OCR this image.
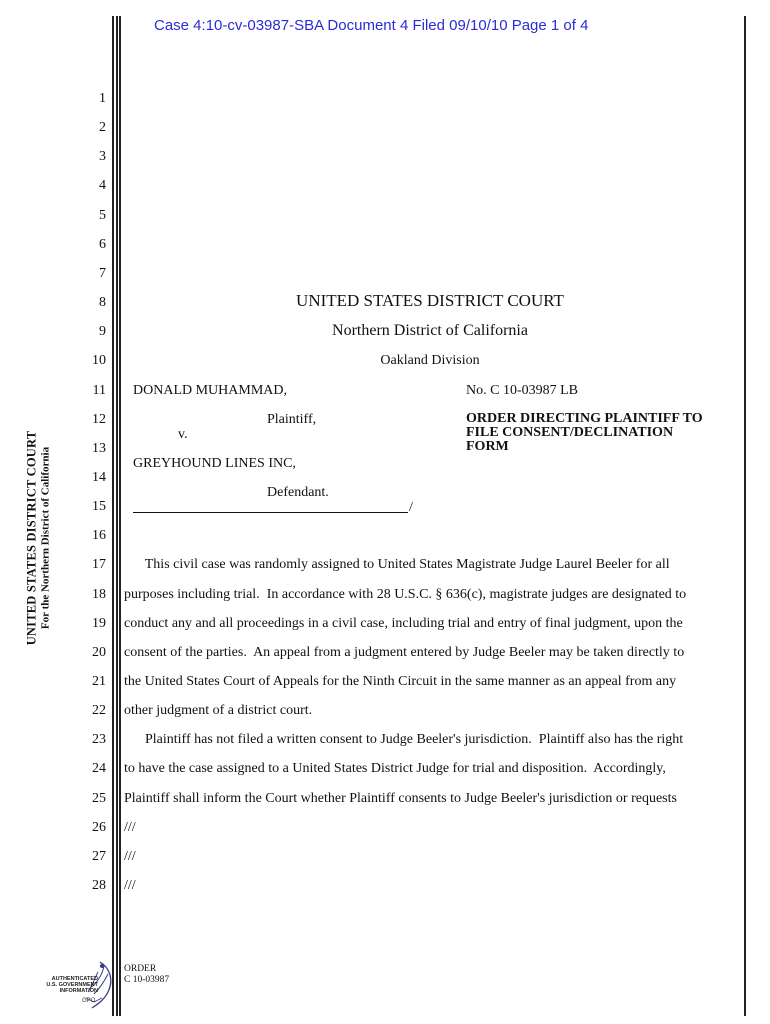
Case 4:10-cv-03987-SBA Document 4 Filed 09/10/10 Page 1 of 4
1
2
3
4
5
6
7
8
9
10
11
12
13
14
15
16
17
18
19
20
21
22
23
24
25
26
27
28
UNITED STATES DISTRICT COURT
Northern District of California
Oakland Division
DONALD MUHAMMAD,
Plaintiff,
v.
GREYHOUND LINES INC,
Defendant.
/
No. C 10-03987 LB
ORDER DIRECTING PLAINTIFF TO
FILE CONSENT/DECLINATION
FORM
This civil case was randomly assigned to United States Magistrate Judge Laurel Beeler for all
purposes including trial.  In accordance with 28 U.S.C. § 636(c), magistrate judges are designated to
conduct any and all proceedings in a civil case, including trial and entry of final judgment, upon the
consent of the parties.  An appeal from a judgment entered by Judge Beeler may be taken directly to
the United States Court of Appeals for the Ninth Circuit in the same manner as an appeal from any
other judgment of a district court.
Plaintiff has not filed a written consent to Judge Beeler's jurisdiction.  Plaintiff also has the right
to have the case assigned to a United States District Judge for trial and disposition.  Accordingly,
Plaintiff shall inform the Court whether Plaintiff consents to Judge Beeler's jurisdiction or requests
///
///
///
UNITED STATES DISTRICT COURT For the Northern District of California
ORDER
C 10-03987
AUTHENTICATED
U.S. GOVERNMENT
INFORMATION
GPO
